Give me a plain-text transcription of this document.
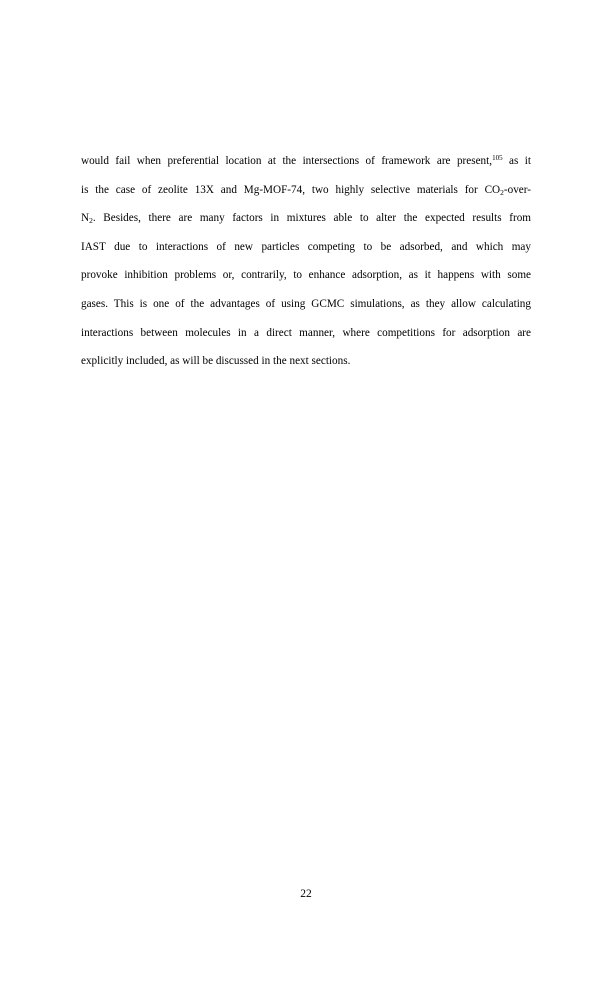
would fail when preferential location at the intersections of framework are present,$^{105}$ as it
is the case of zeolite 13X and Mg-MOF-74, two highly selective materials for $CO_2-over-$
$N_2$. Besides, there are many factors in mixtures able to alter the expected results from
IAST due to interactions of new particles competing to be adsorbed, and which may
provoke inhibition problems or, contrarily, to enhance adsorption, as it happens with some
gases. This is one of the advantages of using GCMC simulations, as they allow calculating
interactions between molecules in a direct manner, where competitions for adsorption are
explicitly included, as will be discussed in the next sections.
22
